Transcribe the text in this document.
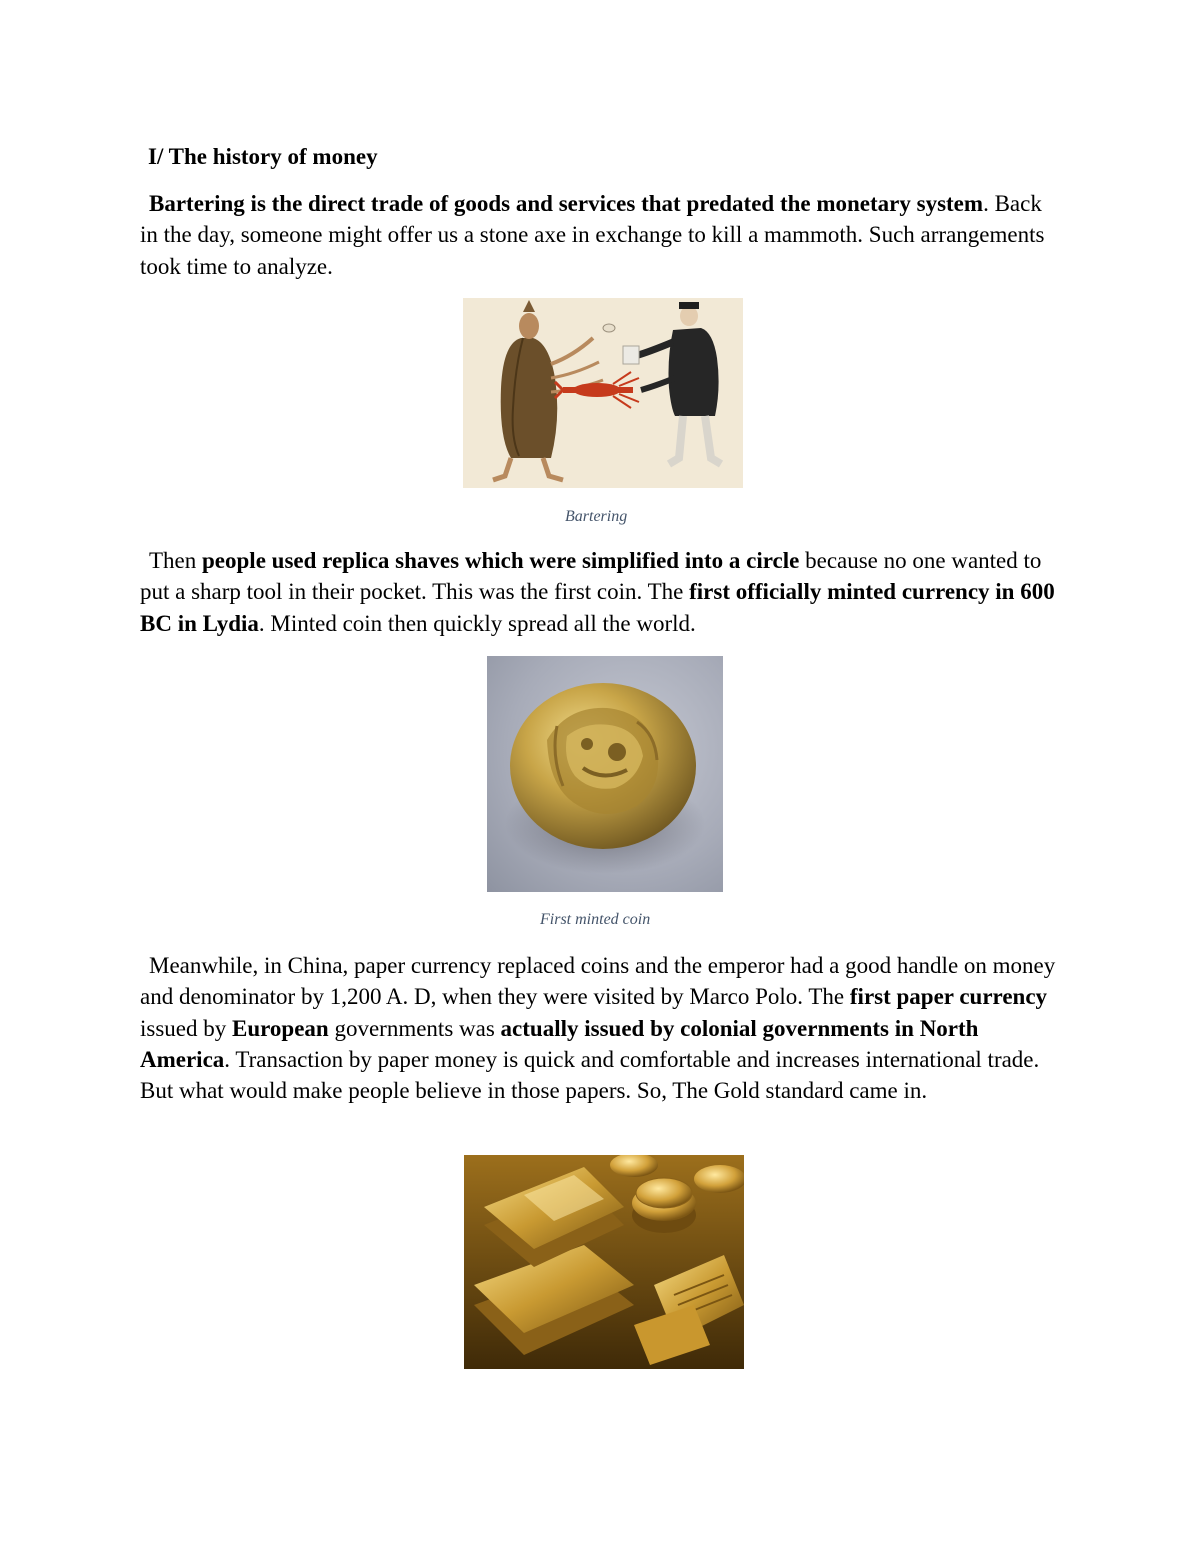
I/ The history of money

Bartering is the direct trade of goods and services that predated the monetary system. Back in the day, someone might offer us a stone axe in exchange to kill a mammoth. Such arrangements took time to analyze.

Bartering

Then people used replica shaves which were simplified into a circle because no one wanted to put a sharp tool in their pocket. This was the first coin. The first officially minted currency in 600 BC in Lydia. Minted coin then quickly spread all the world.

First minted coin

Meanwhile, in China, paper currency replaced coins and the emperor had a good handle on money and denominator by 1,200 A. D, when they were visited by Marco Polo. The first paper currency issued by European governments was actually issued by colonial governments in North America. Transaction by paper money is quick and comfortable and increases international trade. But what would make people believe in those papers. So, The Gold standard came in.
